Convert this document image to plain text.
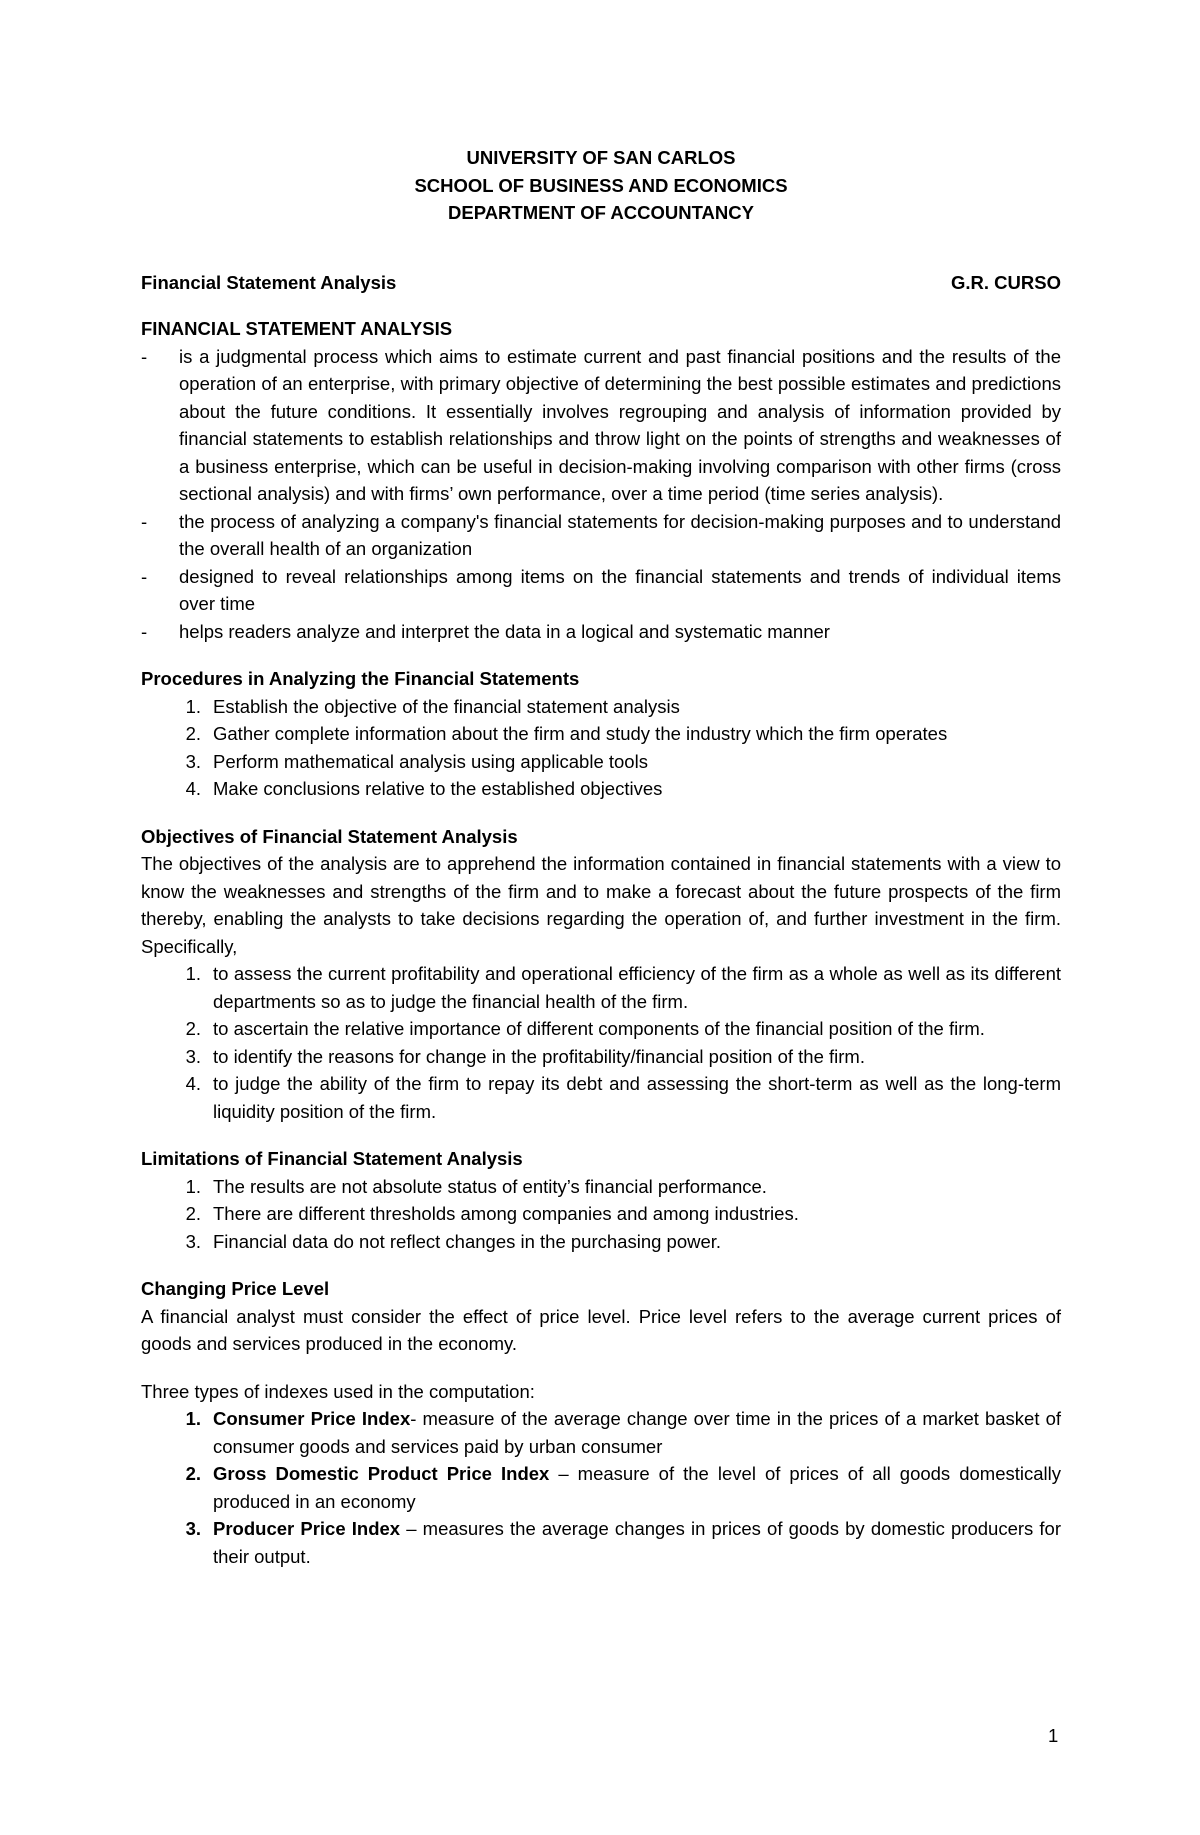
UNIVERSITY OF SAN CARLOS
SCHOOL OF BUSINESS AND ECONOMICS
DEPARTMENT OF ACCOUNTANCY
Financial Statement Analysis	G.R. CURSO
FINANCIAL STATEMENT ANALYSIS
-	is a judgmental process which aims to estimate current and past financial positions and the results of the operation of an enterprise, with primary objective of determining the best possible estimates and predictions about the future conditions. It essentially involves regrouping and analysis of information provided by financial statements to establish relationships and throw light on the points of strengths and weaknesses of a business enterprise, which can be useful in decision-making involving comparison with other firms (cross sectional analysis) and with firms’ own performance, over a time period (time series analysis).
-	the process of analyzing a company's financial statements for decision-making purposes and to understand the overall health of an organization
-	designed to reveal relationships among items on the financial statements and trends of individual items over time
-	helps readers analyze and interpret the data in a logical and systematic manner
Procedures in Analyzing the Financial Statements
1. Establish the objective of the financial statement analysis
2. Gather complete information about the firm and study the industry which the firm operates
3. Perform mathematical analysis using applicable tools
4. Make conclusions relative to the established objectives
Objectives of Financial Statement Analysis
The objectives of the analysis are to apprehend the information contained in financial statements with a view to know the weaknesses and strengths of the firm and to make a forecast about the future prospects of the firm thereby, enabling the analysts to take decisions regarding the operation of, and further investment in the firm. Specifically,
1. to assess the current profitability and operational efficiency of the firm as a whole as well as its different departments so as to judge the financial health of the firm.
2. to ascertain the relative importance of different components of the financial position of the firm.
3. to identify the reasons for change in the profitability/financial position of the firm.
4. to judge the ability of the firm to repay its debt and assessing the short-term as well as the long-term liquidity position of the firm.
Limitations of Financial Statement Analysis
1. The results are not absolute status of entity’s financial performance.
2. There are different thresholds among companies and among industries.
3. Financial data do not reflect changes in the purchasing power.
Changing Price Level
A financial analyst must consider the effect of price level. Price level refers to the average current prices of goods and services produced in the economy.
Three types of indexes used in the computation:
1. Consumer Price Index- measure of the average change over time in the prices of a market basket of consumer goods and services paid by urban consumer
2. Gross Domestic Product Price Index – measure of the level of prices of all goods domestically produced in an economy
3. Producer Price Index – measures the average changes in prices of goods by domestic producers for their output.
1
